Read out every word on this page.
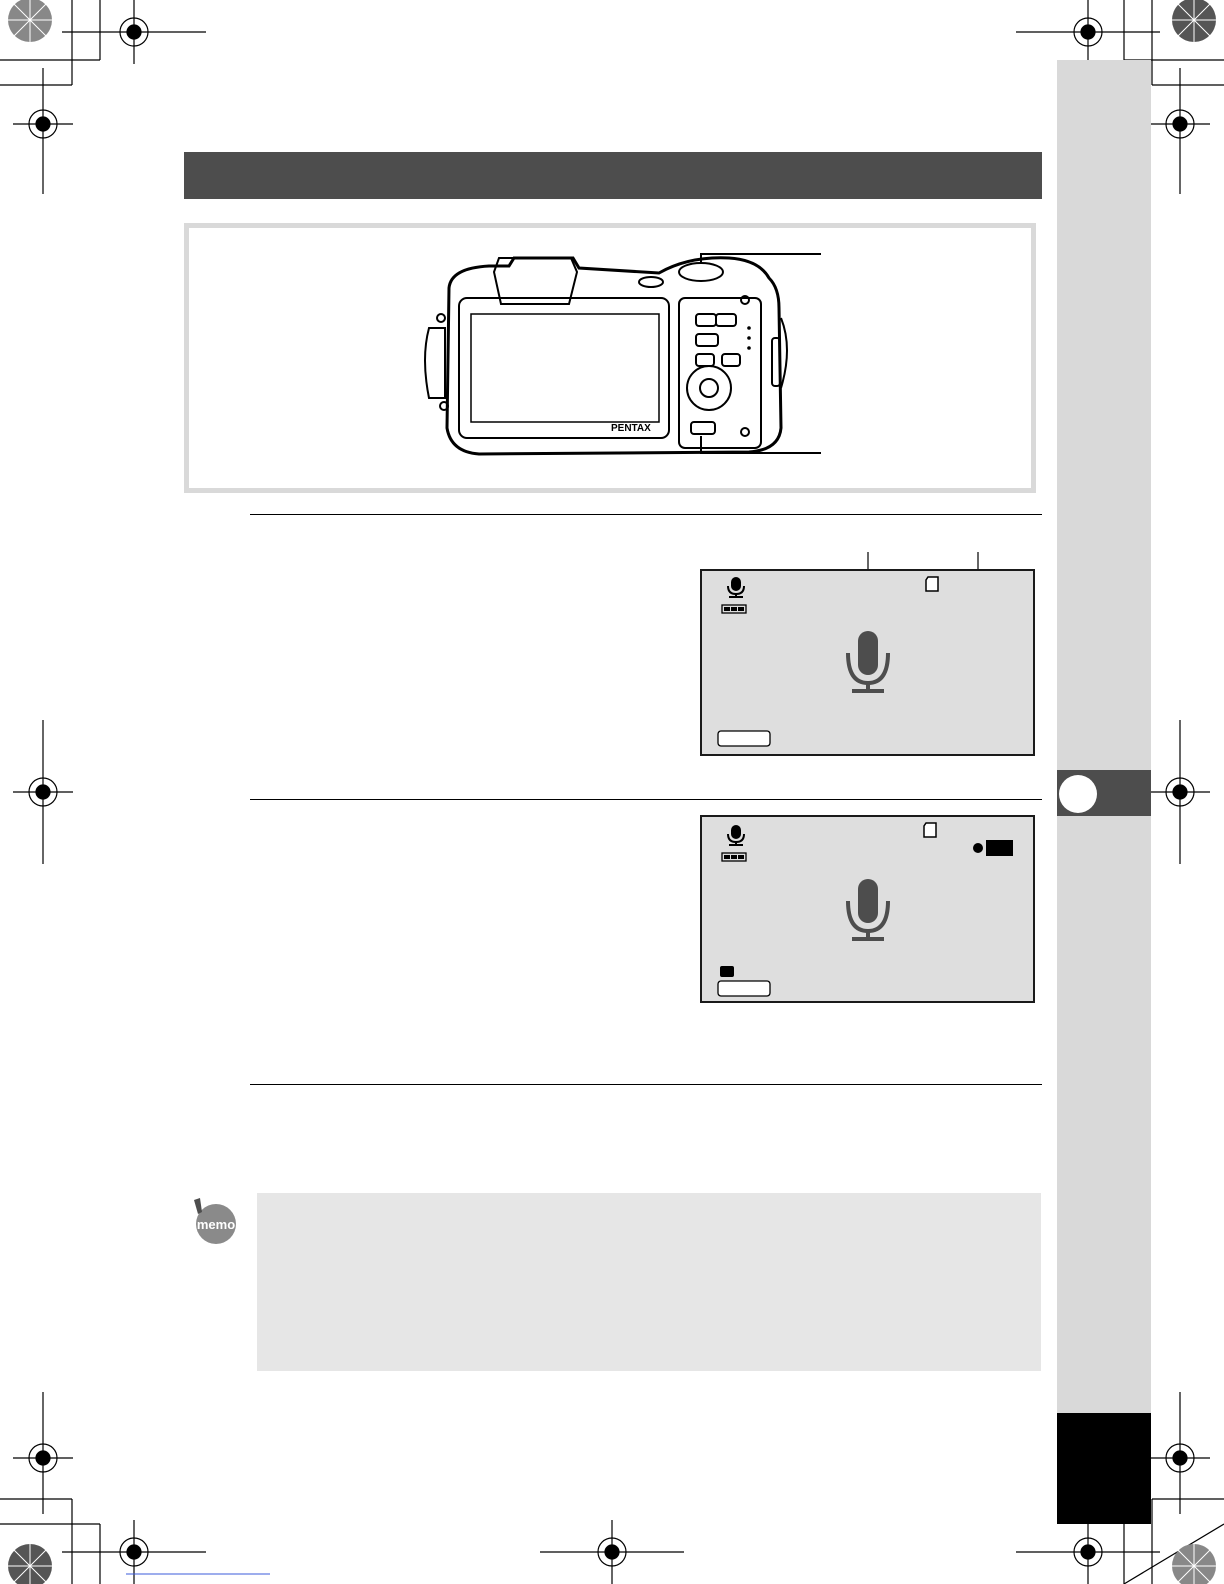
PENTAX
memo
